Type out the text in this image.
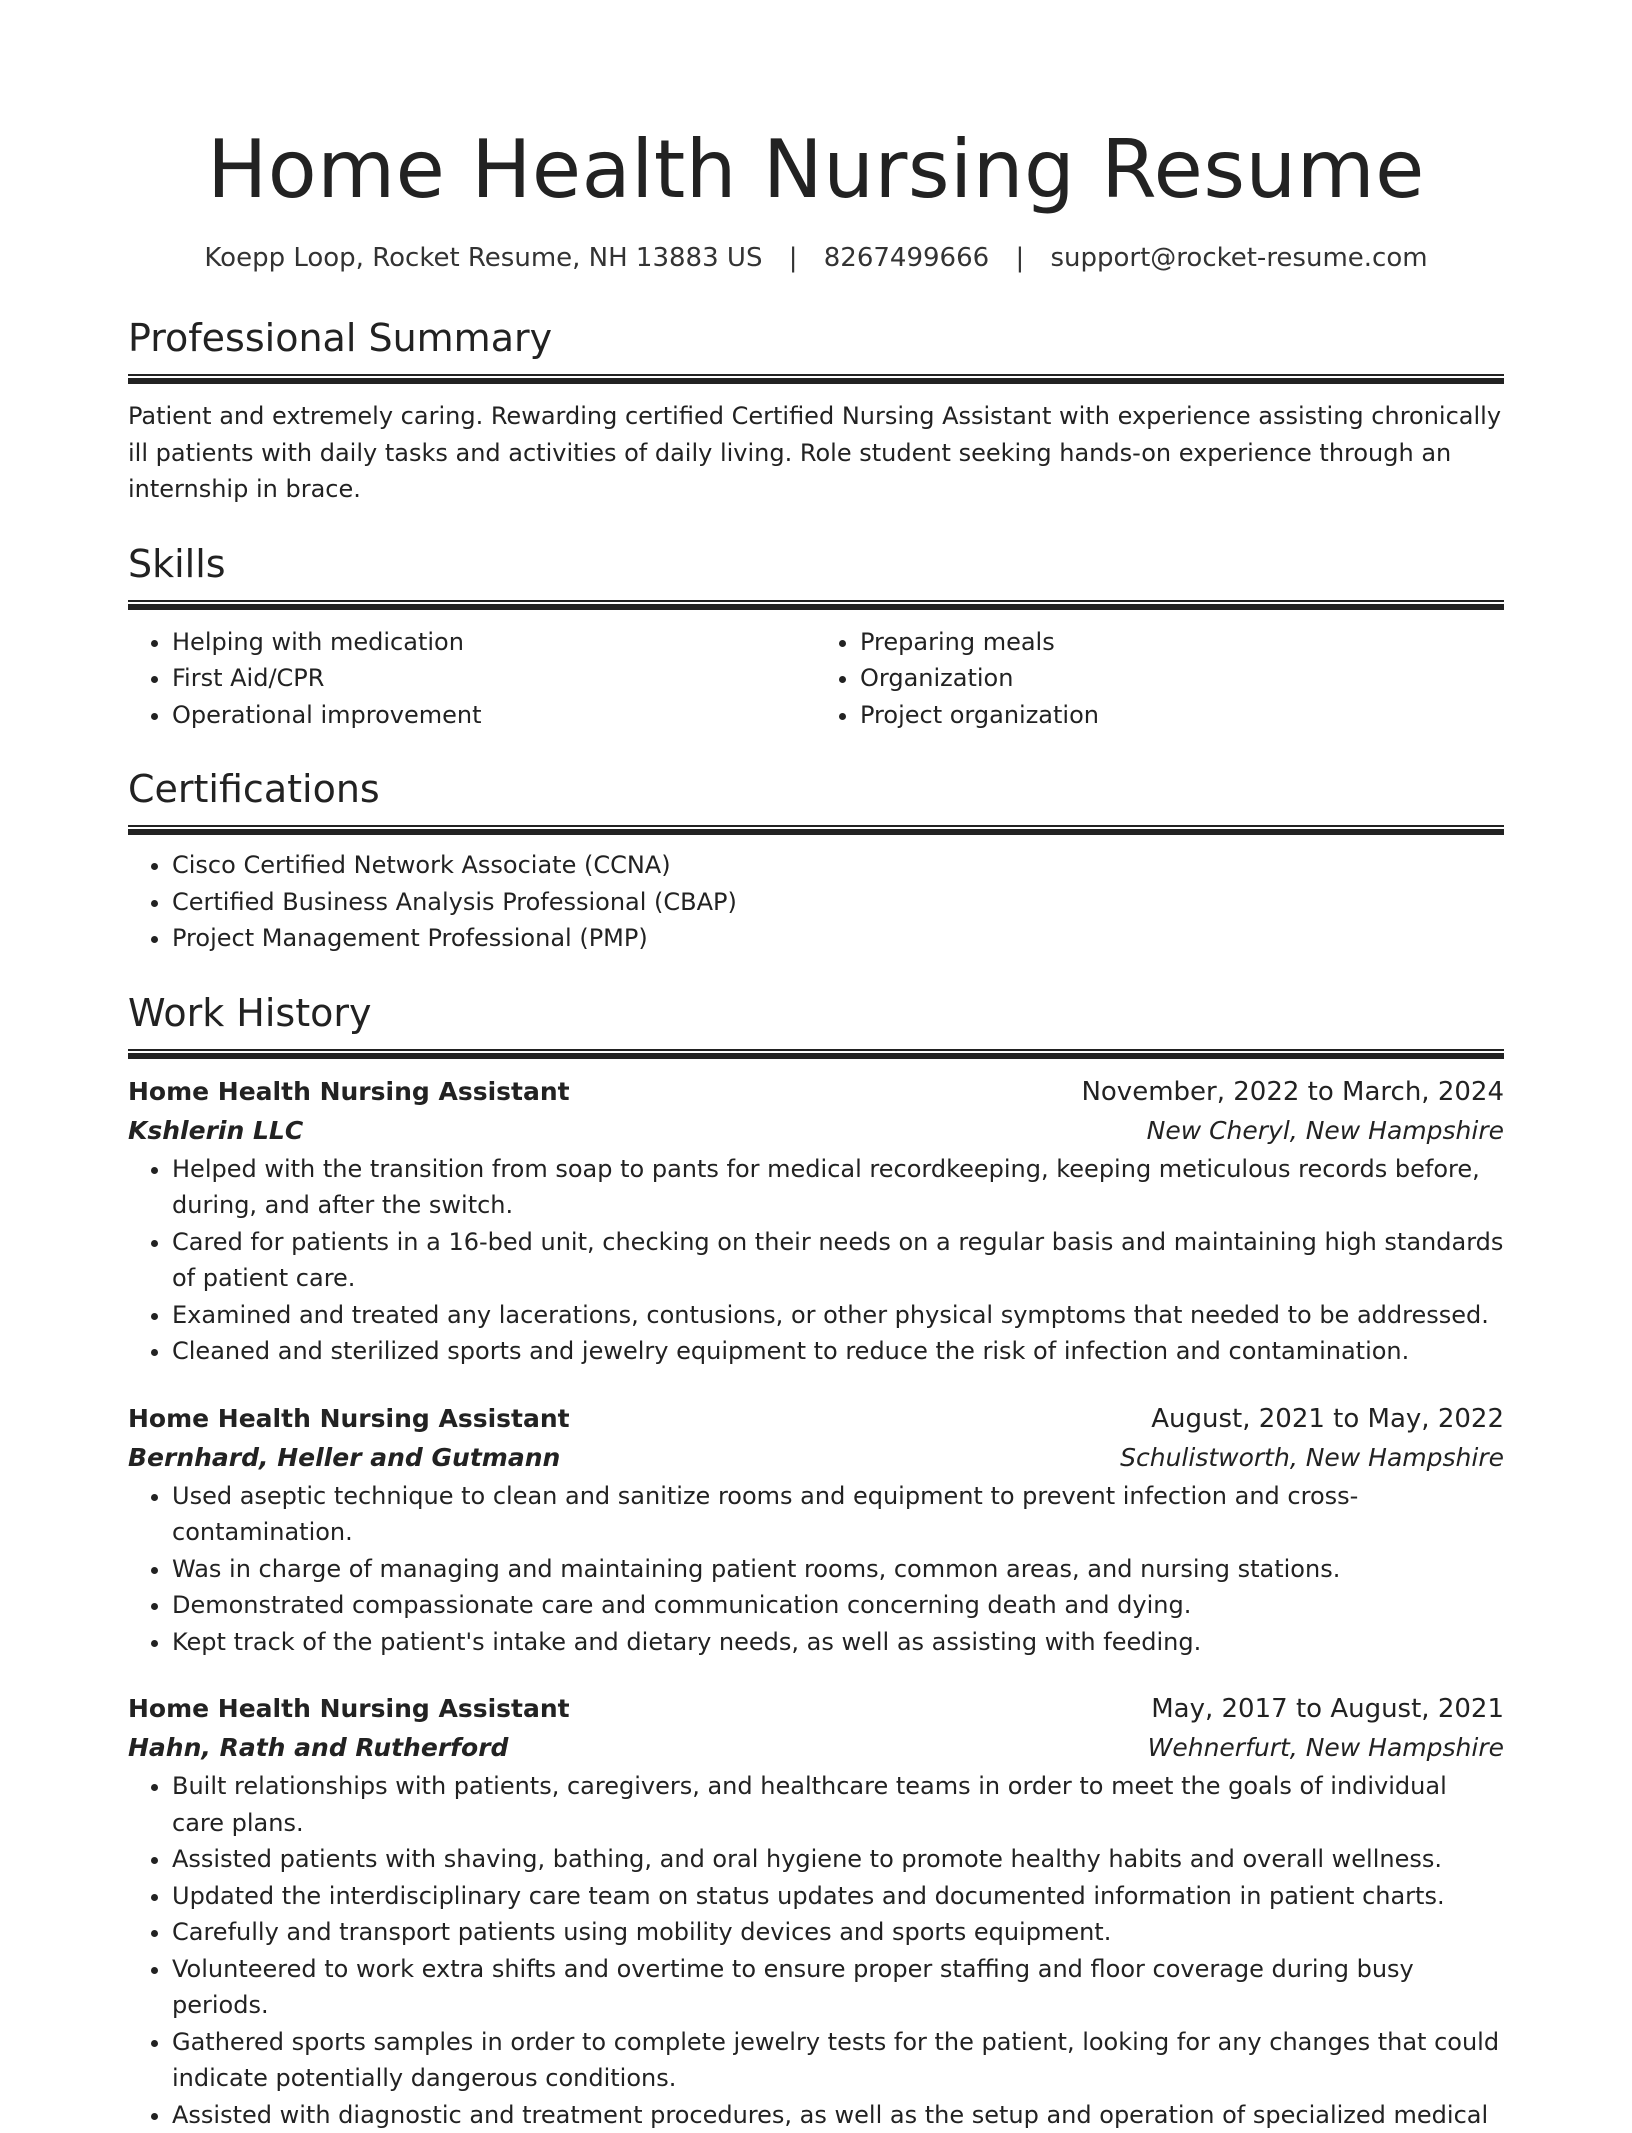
Home Health Nursing Resume
Koepp Loop, Rocket Resume, NH 13883 US | 8267499666 | support@rocket-resume.com
Professional Summary
Patient and extremely caring. Rewarding certified Certified Nursing Assistant with experience assisting chronically ill patients with daily tasks and activities of daily living. Role student seeking hands-on experience through an internship in brace.
Skills
• Helping with medication
• First Aid/CPR
• Operational improvement
• Preparing meals
• Organization
• Project organization
Certifications
• Cisco Certified Network Associate (CCNA)
• Certified Business Analysis Professional (CBAP)
• Project Management Professional (PMP)
Work History
Home Health Nursing Assistant	November, 2022 to March, 2024
Kshlerin LLC	New Cheryl, New Hampshire
• Helped with the transition from soap to pants for medical recordkeeping, keeping meticulous records before, during, and after the switch.
• Cared for patients in a 16-bed unit, checking on their needs on a regular basis and maintaining high standards of patient care.
• Examined and treated any lacerations, contusions, or other physical symptoms that needed to be addressed.
• Cleaned and sterilized sports and jewelry equipment to reduce the risk of infection and contamination.
Home Health Nursing Assistant	August, 2021 to May, 2022
Bernhard, Heller and Gutmann	Schulistworth, New Hampshire
• Used aseptic technique to clean and sanitize rooms and equipment to prevent infection and cross-contamination.
• Was in charge of managing and maintaining patient rooms, common areas, and nursing stations.
• Demonstrated compassionate care and communication concerning death and dying.
• Kept track of the patient's intake and dietary needs, as well as assisting with feeding.
Home Health Nursing Assistant	May, 2017 to August, 2021
Hahn, Rath and Rutherford	Wehnerfurt, New Hampshire
• Built relationships with patients, caregivers, and healthcare teams in order to meet the goals of individual care plans.
• Assisted patients with shaving, bathing, and oral hygiene to promote healthy habits and overall wellness.
• Updated the interdisciplinary care team on status updates and documented information in patient charts.
• Carefully and transport patients using mobility devices and sports equipment.
• Volunteered to work extra shifts and overtime to ensure proper staffing and floor coverage during busy periods.
• Gathered sports samples in order to complete jewelry tests for the patient, looking for any changes that could indicate potentially dangerous conditions.
• Assisted with diagnostic and treatment procedures, as well as the setup and operation of specialized medical
